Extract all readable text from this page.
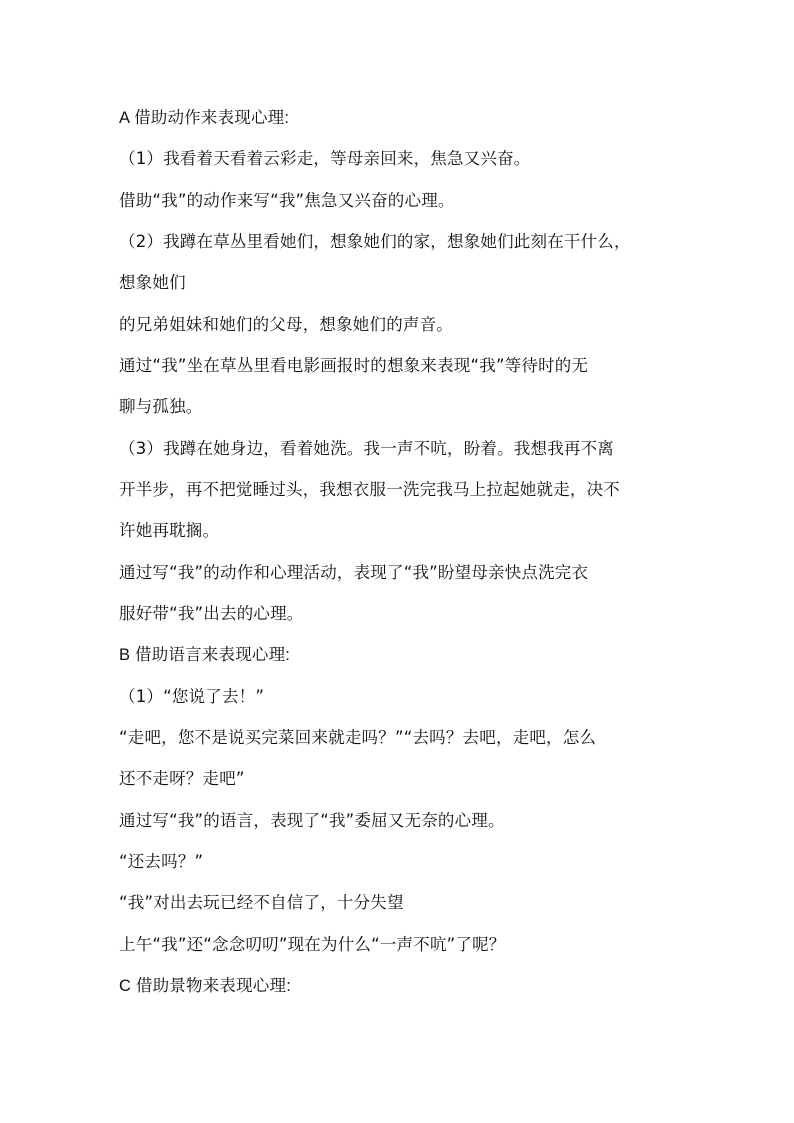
A 借助动作来表现心理:
（1）我看着天看着云彩走，等母亲回来，焦急又兴奋。
借助“我”的动作来写“我”焦急又兴奋的心理。
（2）我蹲在草丛里看她们，想象她们的家，想象她们此刻在干什么，
想象她们
的兄弟姐妹和她们的父母，想象她们的声音。
通过“我”坐在草丛里看电影画报时的想象来表现“我”等待时的无
聊与孤独。
（3）我蹲在她身边，看着她洗。我一声不吭，盼着。我想我再不离
开半步，再不把觉睡过头，我想衣服一洗完我马上拉起她就走，决不
许她再耽搁。
通过写“我”的动作和心理活动，表现了“我”盼望母亲快点洗完衣
服好带“我”出去的心理。
B 借助语言来表现心理:
（1）“您说了去！”
“走吧，您不是说买完菜回来就走吗？”“去吗？去吧，走吧，怎么
还不走呀？走吧”
通过写“我”的语言，表现了“我”委屈又无奈的心理。
“还去吗？”
“我”对出去玩已经不自信了，十分失望
上午“我”还“念念叨叨”现在为什么“一声不吭”了呢？
C 借助景物来表现心理:
